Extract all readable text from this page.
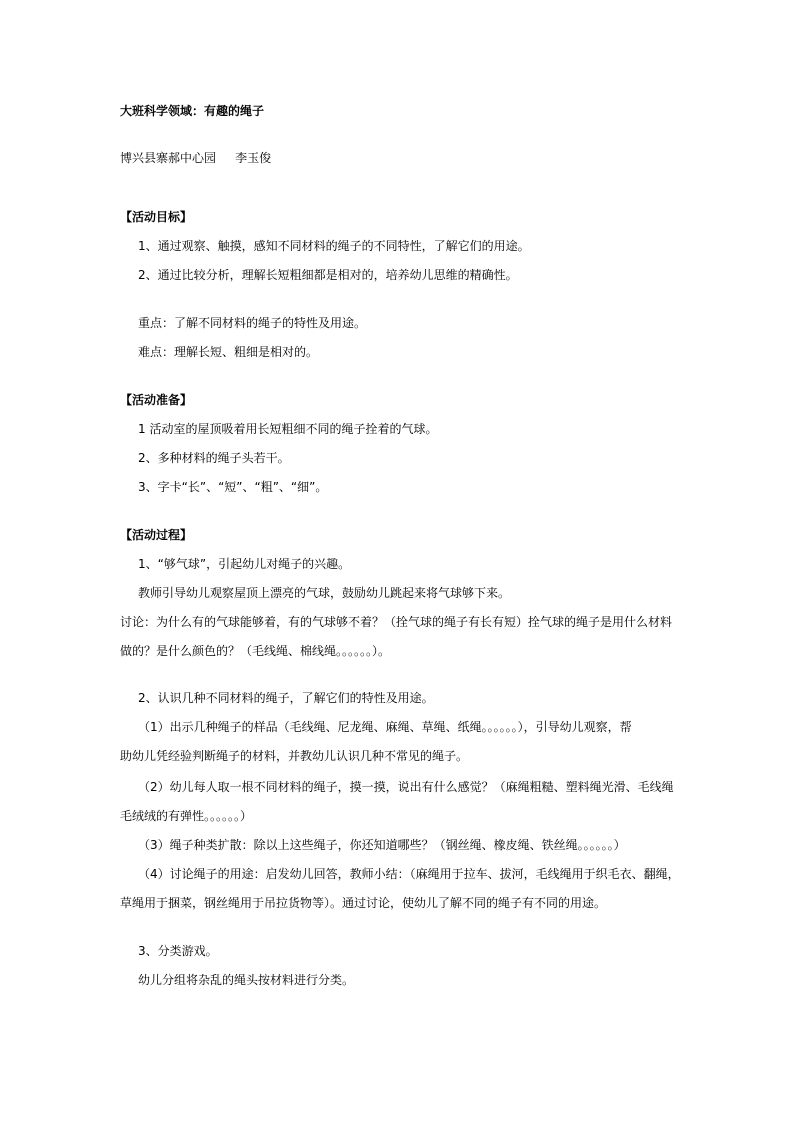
大班科学领域：有趣的绳子
博兴县寨郝中心园     李玉俊
【活动目标】
1、通过观察、触摸，感知不同材料的绳子的不同特性，了解它们的用途。
2、通过比较分析，理解长短粗细都是相对的，培养幼儿思维的精确性。
重点：了解不同材料的绳子的特性及用途。
难点：理解长短、粗细是相对的。
【活动准备】
1 活动室的屋顶吸着用长短粗细不同的绳子拴着的气球。
2、多种材料的绳子头若干。
3、字卡“长”、“短”、“粗”、“细”。
【活动过程】
1、“够气球”，引起幼儿对绳子的兴趣。
教师引导幼儿观察屋顶上漂亮的气球，鼓励幼儿跳起来将气球够下来。
讨论：为什么有的气球能够着，有的气球够不着？（拴气球的绳子有长有短）拴气球的绳子是用什么材料
做的？是什么颜色的？（毛线绳、棉线绳。。。。。。）。
2、认识几种不同材料的绳子，了解它们的特性及用途。
（1）出示几种绳子的样品（毛线绳、尼龙绳、麻绳、草绳、纸绳。。。。。。），引导幼儿观察，帮
助幼儿凭经验判断绳子的材料，并教幼儿认识几种不常见的绳子。
（2）幼儿每人取一根不同材料的绳子，摸一摸，说出有什么感觉？（麻绳粗糙、塑料绳光滑、毛线绳
毛绒绒的有弹性。。。。。。）
（3）绳子种类扩散：除以上这些绳子，你还知道哪些？（钢丝绳、橡皮绳、铁丝绳。。。。。。）
（4）讨论绳子的用途：启发幼儿回答，教师小结：（麻绳用于拉车、拔河，毛线绳用于织毛衣、翻绳，
草绳用于捆菜，钢丝绳用于吊拉货物等）。通过讨论，使幼儿了解不同的绳子有不同的用途。
3、分类游戏。
幼儿分组将杂乱的绳头按材料进行分类。
